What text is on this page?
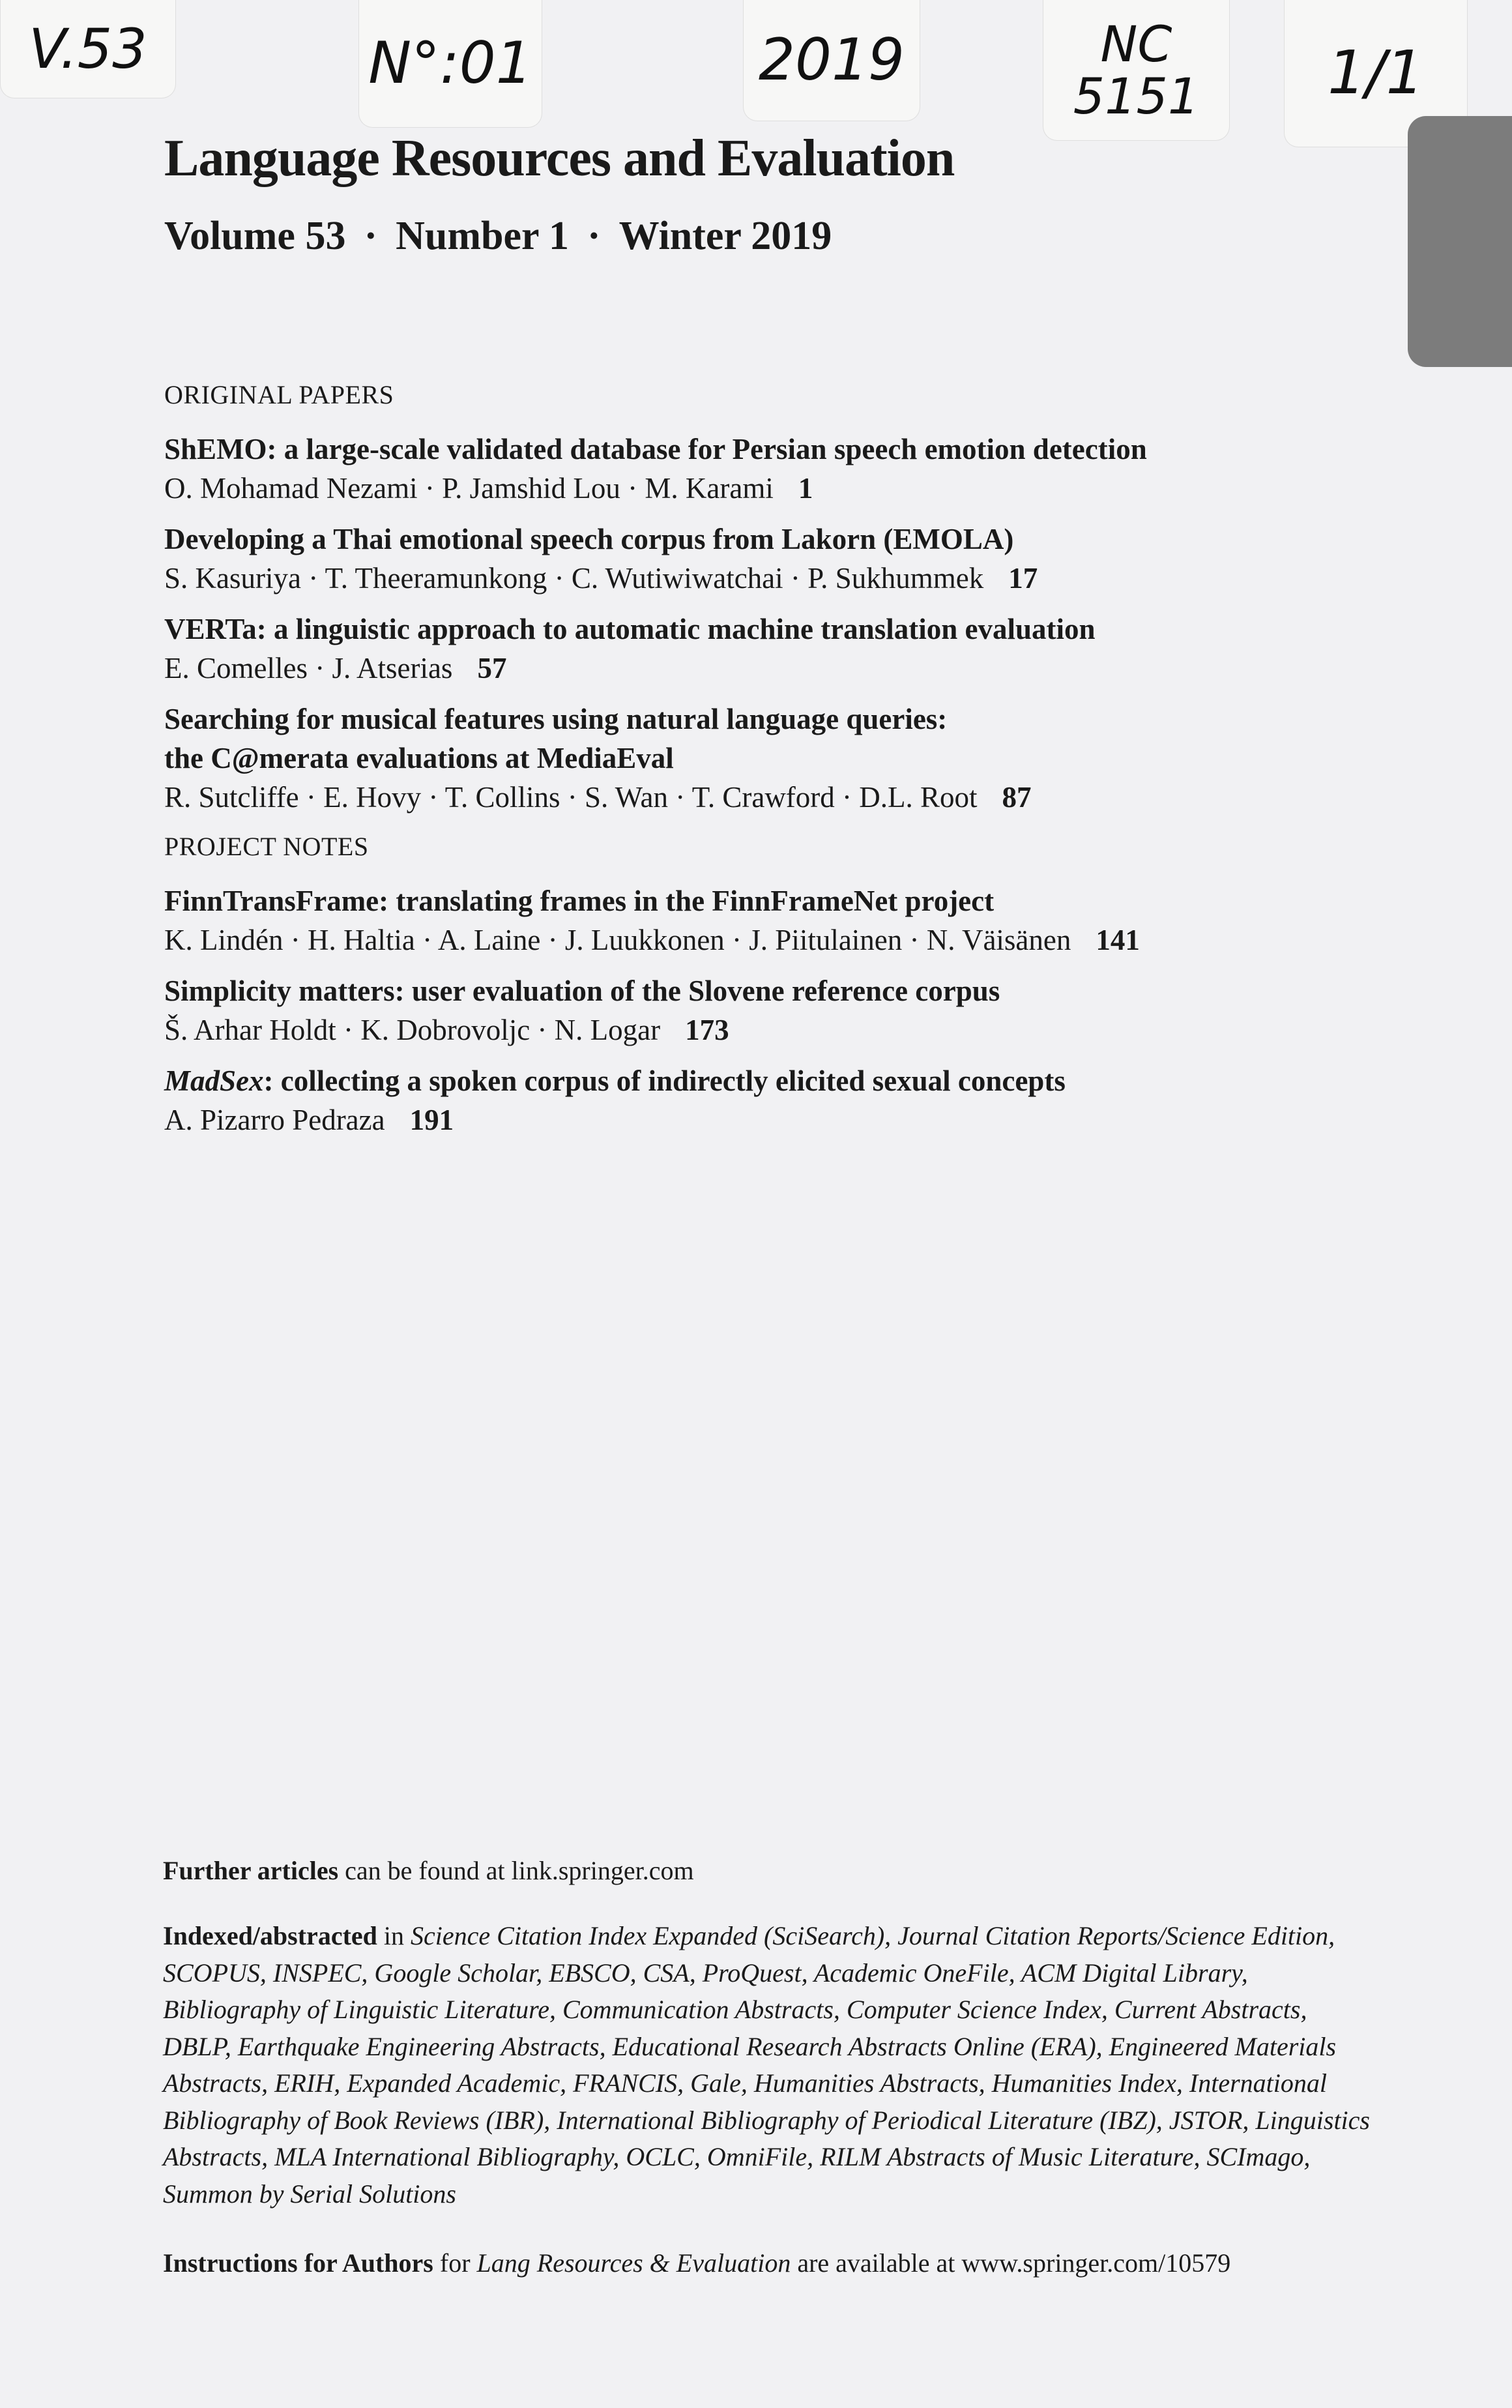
V.53	N°:01	2019	NC 5151	1/1
Language Resources and Evaluation
Volume 53 · Number 1 · Winter 2019
ORIGINAL PAPERS
ShEMO: a large-scale validated database for Persian speech emotion detection
O. Mohamad Nezami · P. Jamshid Lou · M. Karami 1
Developing a Thai emotional speech corpus from Lakorn (EMOLA)
S. Kasuriya · T. Theeramunkong · C. Wutiwiwatchai · P. Sukhummek 17
VERTa: a linguistic approach to automatic machine translation evaluation
E. Comelles · J. Atserias 57
Searching for musical features using natural language queries:
the C@merata evaluations at MediaEval
R. Sutcliffe · E. Hovy · T. Collins · S. Wan · T. Crawford · D.L. Root 87
PROJECT NOTES
FinnTransFrame: translating frames in the FinnFrameNet project
K. Lindén · H. Haltia · A. Laine · J. Luukkonen · J. Piitulainen · N. Väisänen 141
Simplicity matters: user evaluation of the Slovene reference corpus
Š. Arhar Holdt · K. Dobrovoljc · N. Logar 173
MadSex: collecting a spoken corpus of indirectly elicited sexual concepts
A. Pizarro Pedraza 191
Further articles can be found at link.springer.com
Indexed/abstracted in Science Citation Index Expanded (SciSearch), Journal Citation Reports/Science Edition, SCOPUS, INSPEC, Google Scholar, EBSCO, CSA, ProQuest, Academic OneFile, ACM Digital Library, Bibliography of Linguistic Literature, Communication Abstracts, Computer Science Index, Current Abstracts, DBLP, Earthquake Engineering Abstracts, Educational Research Abstracts Online (ERA), Engineered Materials Abstracts, ERIH, Expanded Academic, FRANCIS, Gale, Humanities Abstracts, Humanities Index, International Bibliography of Book Reviews (IBR), International Bibliography of Periodical Literature (IBZ), JSTOR, Linguistics Abstracts, MLA International Bibliography, OCLC, OmniFile, RILM Abstracts of Music Literature, SCImago, Summon by Serial Solutions
Instructions for Authors for Lang Resources & Evaluation are available at www.springer.com/10579
